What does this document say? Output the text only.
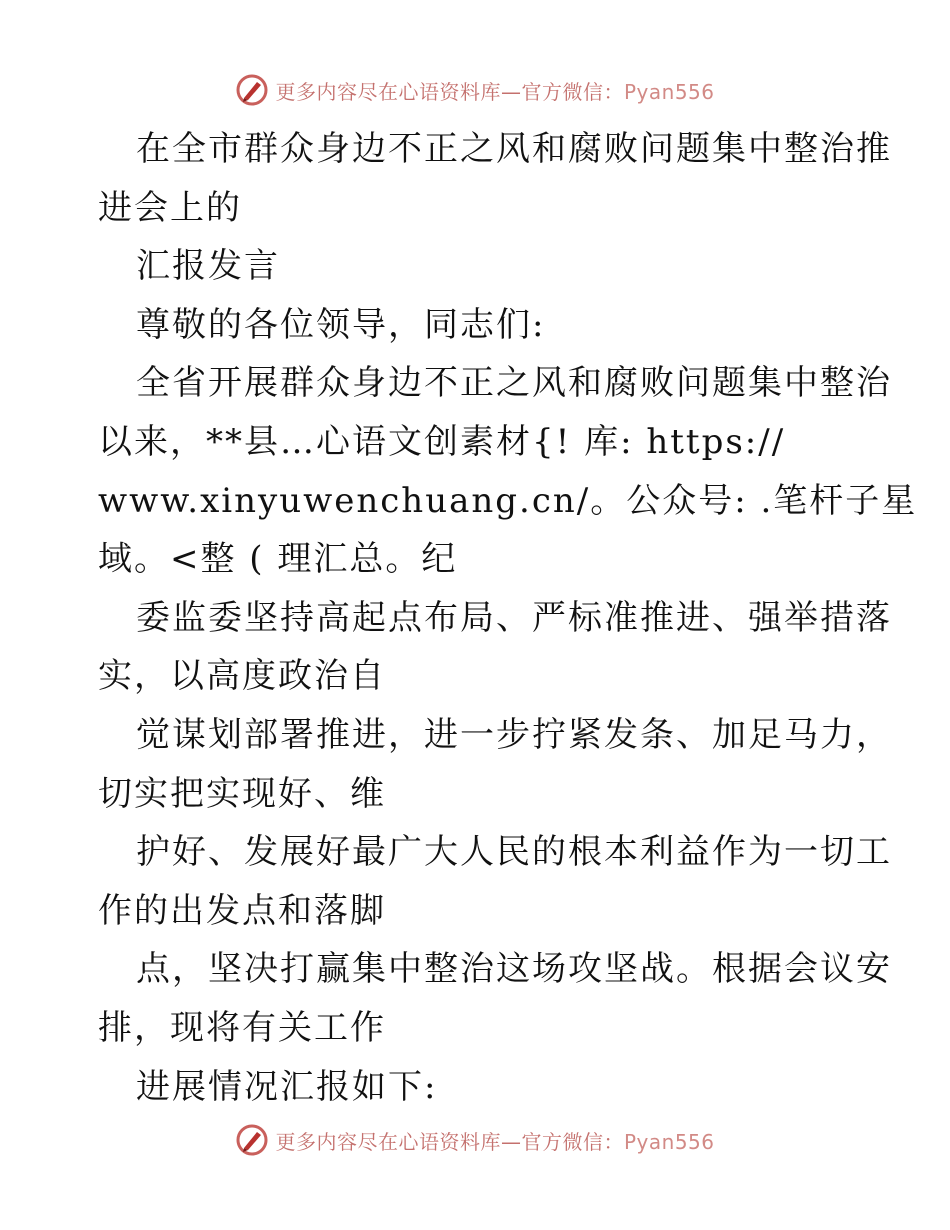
更多内容尽在心语资料库—官方微信：Pyan556
在全市群众身边不正之风和腐败问题集中整治推
进会上的
汇报发言
尊敬的各位领导，同志们:
全省开展群众身边不正之风和腐败问题集中整治
以来，**县…心语文创素材{! 库: https://
www.xinyuwenchuang.cn/。公众号: .笔杆子星
域。<整 ( 理汇总。纪
委监委坚持高起点布局、严标准推进、强举措落
实，以高度政治自
觉谋划部署推进，进一步拧紧发条、加足马力，
切实把实现好、维
护好、发展好最广大人民的根本利益作为一切工
作的出发点和落脚
点，坚决打赢集中整治这场攻坚战。根据会议安
排，现将有关工作
进展情况汇报如下:
更多内容尽在心语资料库—官方微信：Pyan556
